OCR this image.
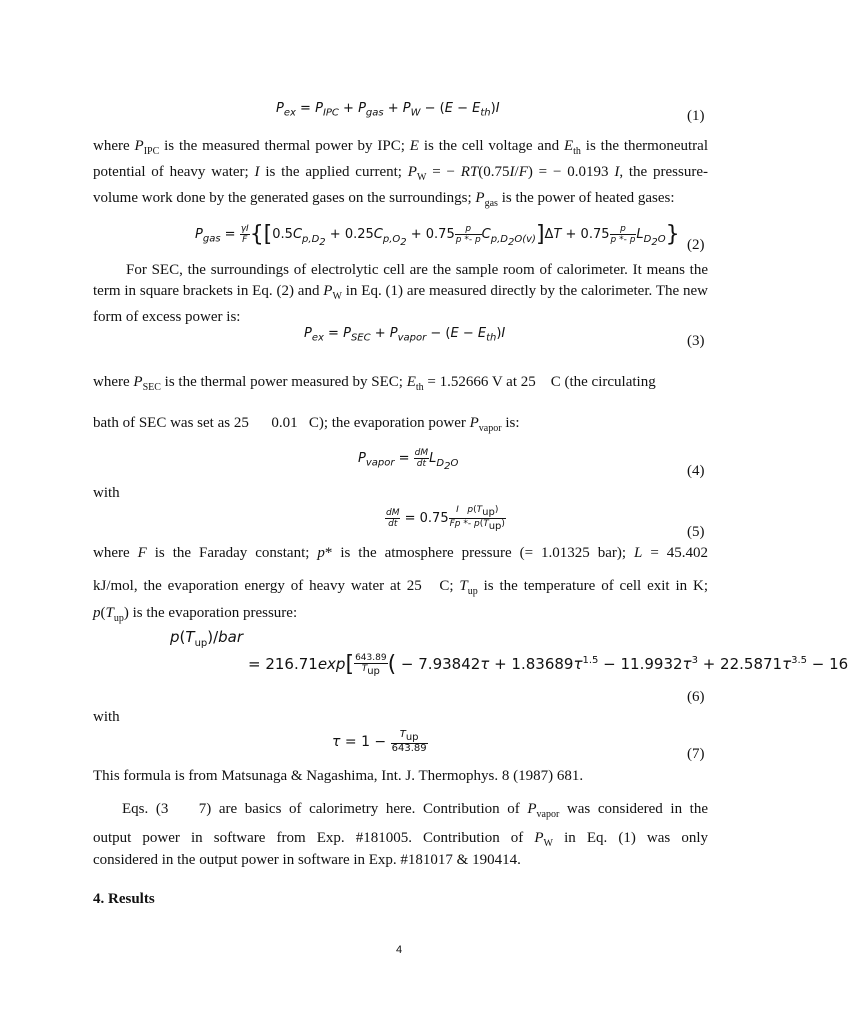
$P_{ex} = P_{IPC} + P_{gas} + P_W - (E - E_{th})I$	(1)
where $P_{IPC}$ is the measured thermal power by IPC; E is the cell voltage and $E_{th}$ is the thermoneutral potential of heavy water; I is the applied current; $P_W$ = − RT(0.75I/F) = − 0.0193 I, the pressure-volume work done by the generated gases on the surroundings; $P_{gas}$ is the power of heated gases:
$P_{gas} = \frac{\gamma I}{F} \{[0.5C_{p,D_2} + 0.25C_{p,O_2} + 0.75 \frac{p}{p *- p} C_{p,D_2O(v)}]\Delta T + 0.75 \frac{p}{p *- p} L_{D_2O}\}$ (2)
For SEC, the surroundings of electrolytic cell are the sample room of calorimeter. It means the term in square brackets in Eq. (2) and $P_W$ in Eq. (1) are measured directly by the calorimeter. The new form of excess power is:
$P_{ex} = P_{SEC} + P_{vapor} - (E - E_{th})I$	(3)
where $P_{SEC}$ is the thermal power measured by SEC; $E_{th} = 1.52666$ V at 25    C (the circulating
bath of SEC was set as 25      0.01   C); the evaporation power $P_{vapor}$ is:
$P_{vapor} = \frac{dM}{dt} L_{D_2O}$	(4)
with
$\frac{dM}{dt} = 0.75 \frac{I p(T_{up})}{Fp *- p(T_{up})}$
(5)
where F is the Faraday constant; p* is the atmosphere pressure (= 1.01325 bar); L = 45.402
kJ/mol, the evaporation energy of heavy water at 25   C; $T_{up}$ is the temperature of cell exit in K;
$p(T_{up})$ is the evaporation pressure:
$p(T_{up})$/bar
= $216.71\exp[ \frac{643.89}{T_{up}}$ ( − $7.93842\tau + 1.83689\tau^{1.5} - 11.9932\tau^3 + 22.5871\tau^{3.5} - 16$
(6)
with
$\tau = 1 - \frac{T_{up}}{643.89}$	(7)
This formula is from Matsunaga & Nagashima, Int. J. Thermophys. 8 (1987) 681.
Eqs. (3    7) are basics of calorimetry here. Contribution of $P_{vapor}$ was considered in the
output power in software from Exp. #181005. Contribution of $P_W$ in Eq. (1) was only
considered in the output power in software in Exp. #181017 & 190414.
4. Results
4
